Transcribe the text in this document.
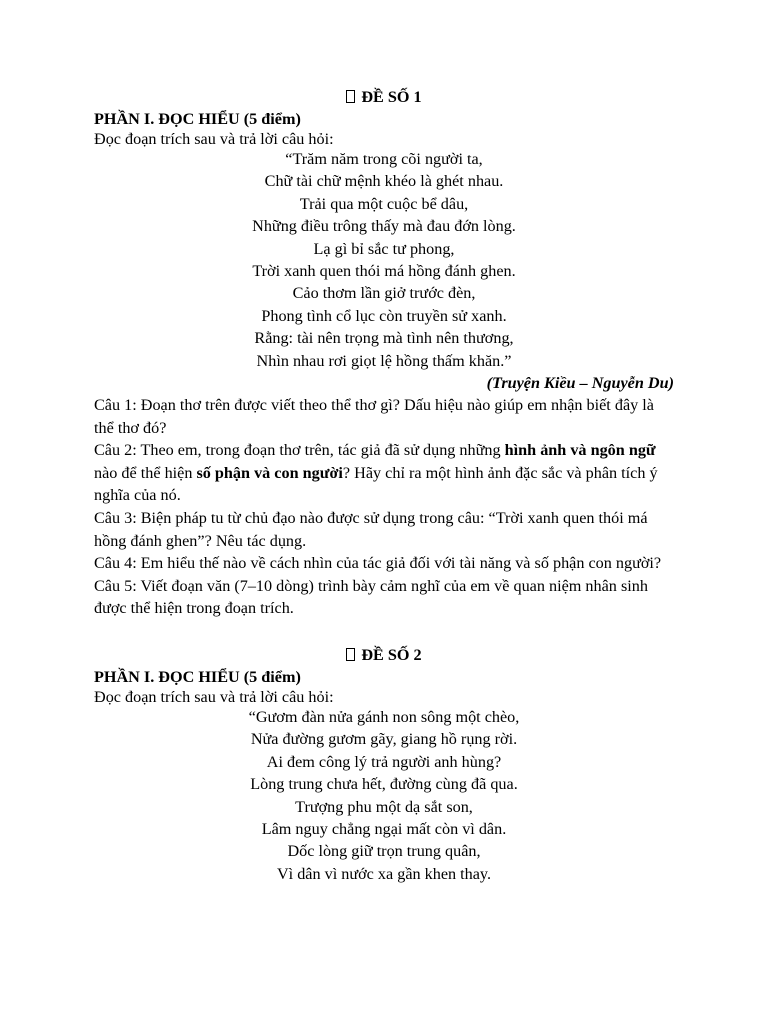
ĐỀ SỐ 1

PHẦN I. ĐỌC HIỂU (5 điểm)

Đọc đoạn trích sau và trả lời câu hỏi:

“Trăm năm trong cõi người ta,
Chữ tài chữ mệnh khéo là ghét nhau.
Trải qua một cuộc bể dâu,
Những điều trông thấy mà đau đớn lòng.
Lạ gì bỉ sắc tư phong,
Trời xanh quen thói má hồng đánh ghen.
Cảo thơm lần giở trước đèn,
Phong tình cổ lục còn truyền sử xanh.
Rằng: tài nên trọng mà tình nên thương,
Nhìn nhau rơi giọt lệ hồng thấm khăn.”

(Truyện Kiều – Nguyễn Du)

Câu 1: Đoạn thơ trên được viết theo thể thơ gì? Dấu hiệu nào giúp em nhận biết đây là thể thơ đó?

Câu 2: Theo em, trong đoạn thơ trên, tác giả đã sử dụng những hình ảnh và ngôn ngữ nào để thể hiện số phận và con người? Hãy chỉ ra một hình ảnh đặc sắc và phân tích ý nghĩa của nó.

Câu 3: Biện pháp tu từ chủ đạo nào được sử dụng trong câu: “Trời xanh quen thói má hồng đánh ghen”? Nêu tác dụng.

Câu 4: Em hiểu thế nào về cách nhìn của tác giả đối với tài năng và số phận con người?

Câu 5: Viết đoạn văn (7–10 dòng) trình bày cảm nghĩ của em về quan niệm nhân sinh được thể hiện trong đoạn trích.

ĐỀ SỐ 2

PHẦN I. ĐỌC HIỂU (5 điểm)

Đọc đoạn trích sau và trả lời câu hỏi:

“Gươm đàn nửa gánh non sông một chèo,
Nửa đường gươm gãy, giang hồ rụng rời.
Ai đem công lý trả người anh hùng?
Lòng trung chưa hết, đường cùng đã qua.
Trượng phu một dạ sắt son,
Lâm nguy chẳng ngại mất còn vì dân.
Dốc lòng giữ trọn trung quân,
Vì dân vì nước xa gần khen thay.
